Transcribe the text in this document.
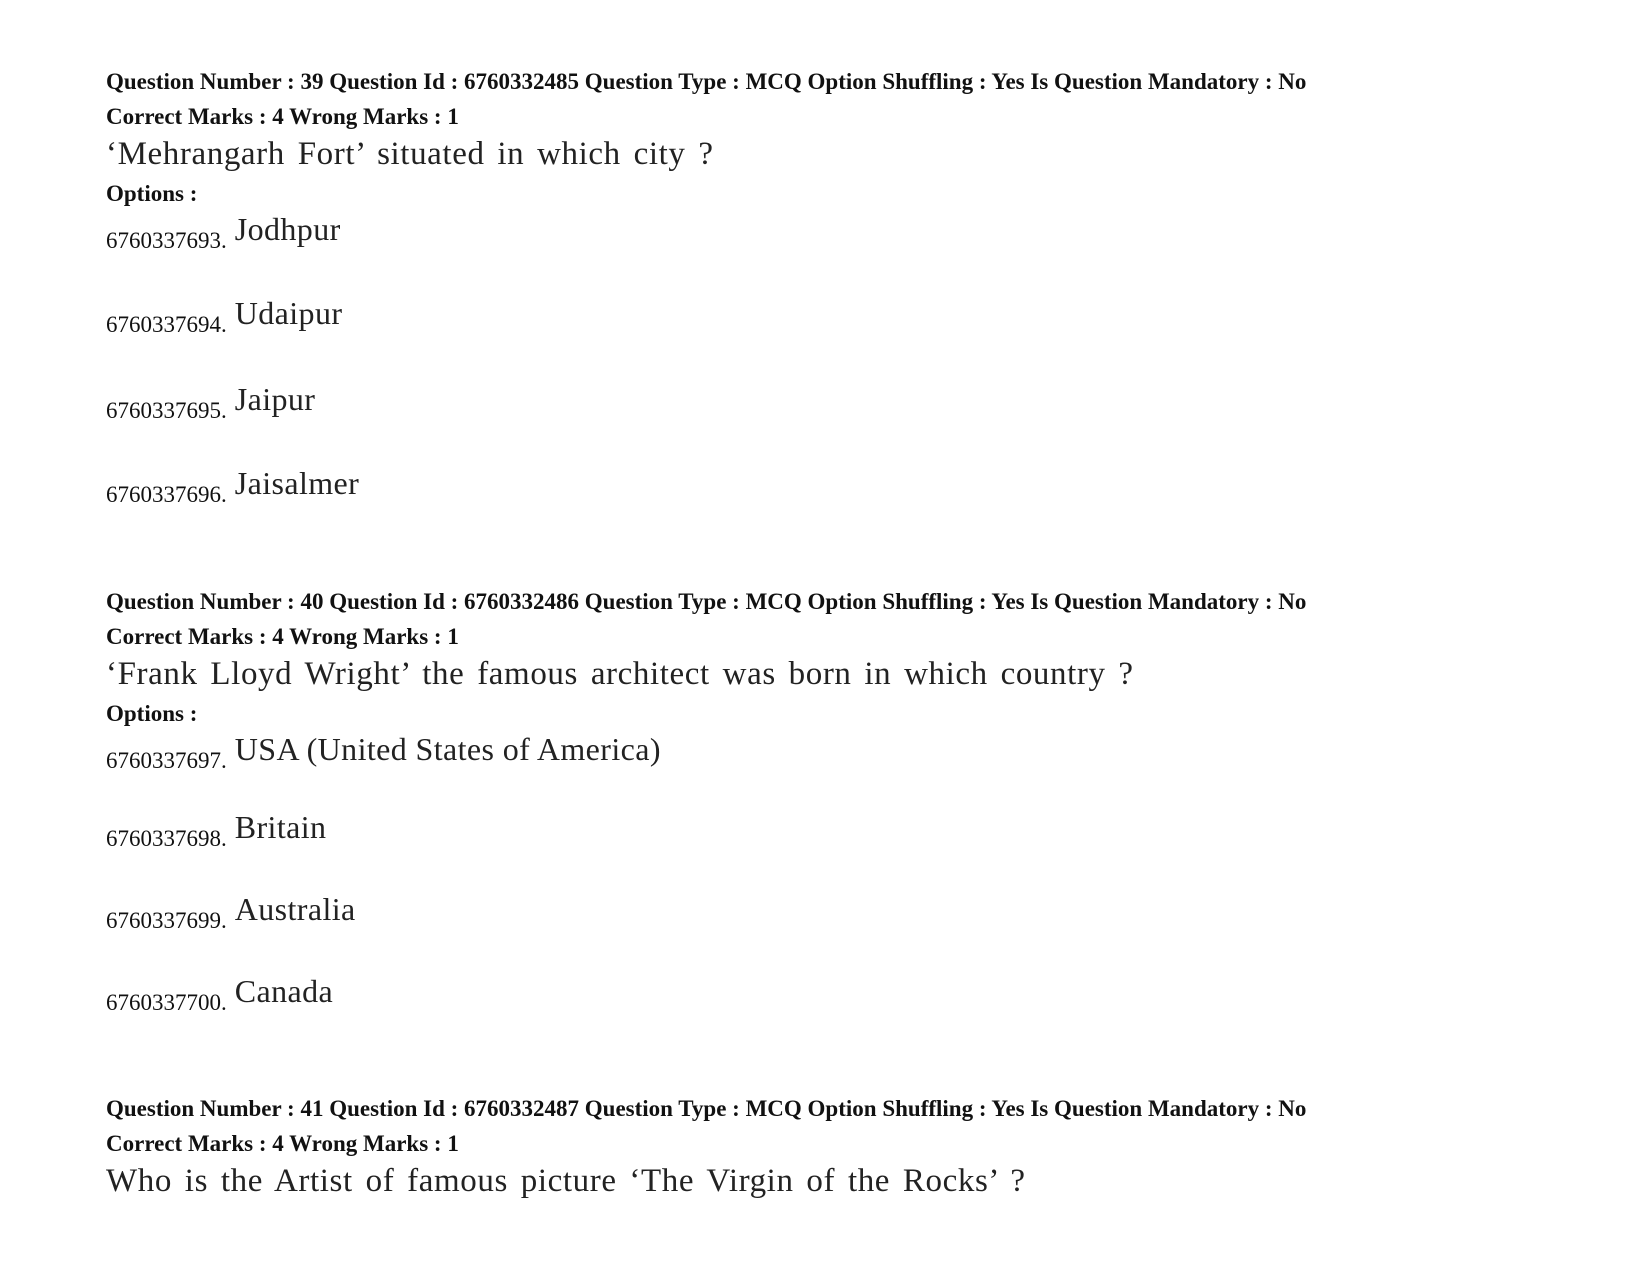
Question Number : 39 Question Id : 6760332485 Question Type : MCQ Option Shuffling : Yes Is Question Mandatory : No
Correct Marks : 4 Wrong Marks : 1
‘Mehrangarh Fort’ situated in which city ?
Options :
6760337693. Jodhpur
6760337694. Udaipur
6760337695. Jaipur
6760337696. Jaisalmer
Question Number : 40 Question Id : 6760332486 Question Type : MCQ Option Shuffling : Yes Is Question Mandatory : No
Correct Marks : 4 Wrong Marks : 1
‘Frank Lloyd Wright’ the famous architect was born in which country ?
Options :
6760337697. USA (United States of America)
6760337698. Britain
6760337699. Australia
6760337700. Canada
Question Number : 41 Question Id : 6760332487 Question Type : MCQ Option Shuffling : Yes Is Question Mandatory : No
Correct Marks : 4 Wrong Marks : 1
Who is the Artist of famous picture ‘The Virgin of the Rocks’ ?
